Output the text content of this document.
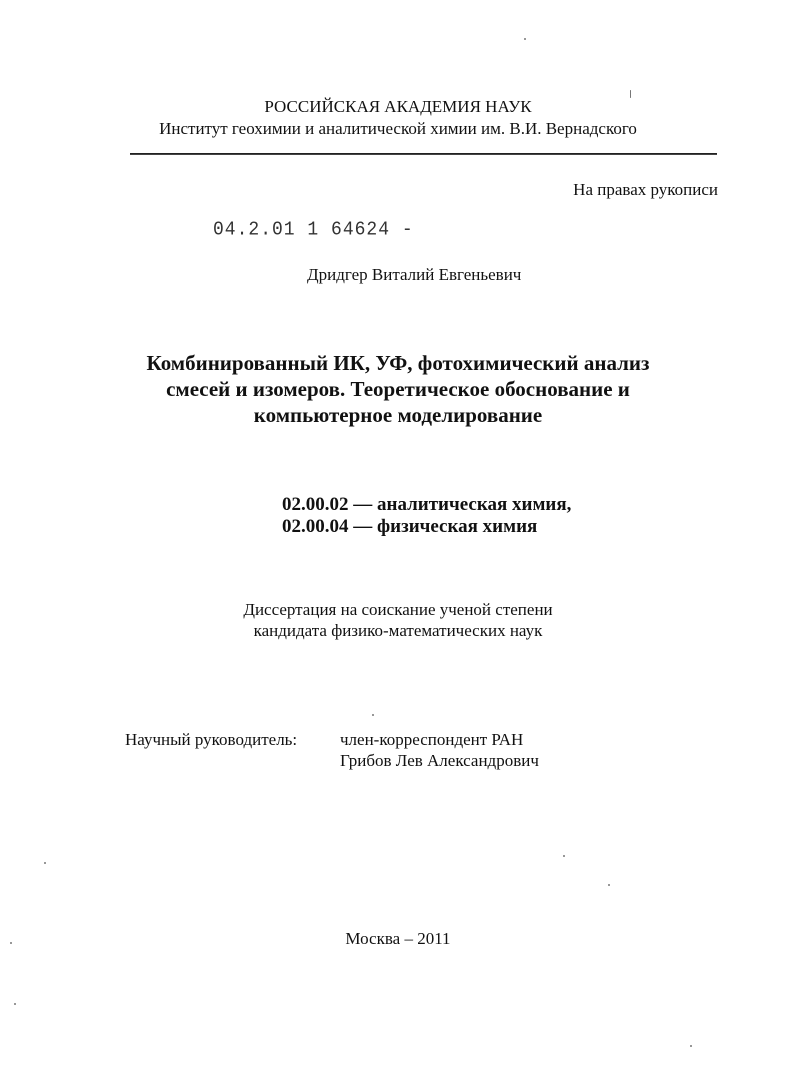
РОССИЙСКАЯ АКАДЕМИЯ НАУК
Институт геохимии и аналитической химии им. В.И. Вернадского
На правах рукописи
04.2.01 1 64624 -
Дридгер Виталий Евгеньевич
Комбинированный ИК, УФ, фотохимический анализ
смесей и изомеров. Теоретическое обоснование и
компьютерное моделирование
02.00.02 — аналитическая химия,
02.00.04 — физическая химия
Диссертация на соискание ученой степени
кандидата физико-математических наук
Научный руководитель:	член-корреспондент РАН
Грибов Лев Александрович
Москва – 2011
